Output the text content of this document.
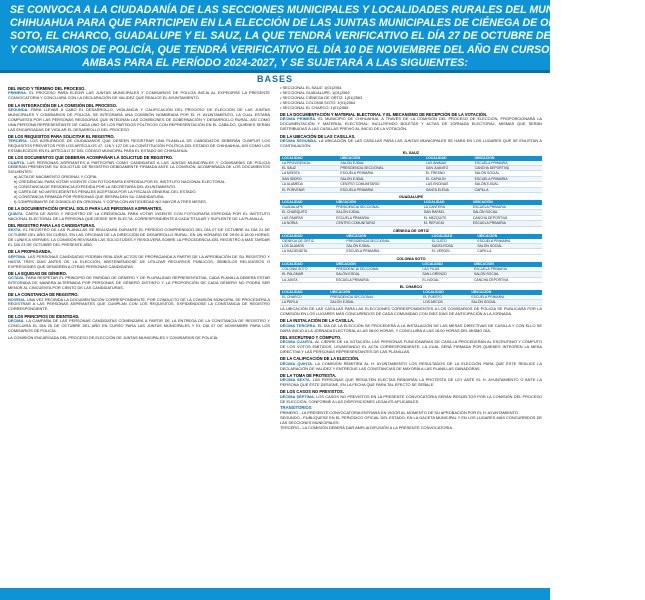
SE CONVOCA A LA CIUDADANÍA DE LAS SECCIONES MUNICIPALES Y LOCALIDADES RURALES DEL MUNICIPIO DE
CHIHUAHUA PARA QUE PARTICIPEN EN LA ELECCIÓN DE LAS JUNTAS MUNICIPALES DE CIÉNEGA DE ORTIZ, COLONIA
SOTO, EL CHARCO, GUADALUPE Y EL SAUZ, LA QUE TENDRÁ VERIFICATIVO EL DÍA 27 DE OCTUBRE DEL AÑO EN CURSO,
Y COMISARIOS DE POLICÍA, QUE TENDRÁ VERIFICATIVO EL DÍA 10 DE NOVIEMBRE DEL AÑO EN CURSO,
AMBAS PARA EL PERÍODO 2024-2027, Y SE SUJETARÁ A LAS SIGUIENTES:
BASES
DEL INICIO Y TÉRMINO DEL PROCESO.
PRIMERA. EL PROCESO PARA ELEGIR LAS JUNTAS MUNICIPALES Y COMISARIOS DE POLICÍA INICIA AL EXPEDIRSE LA PRESENTE CONVOCATORIA Y CONCLUIRÁ CON LA DECLARACIÓN DE VALIDEZ QUE REALICE EL AYUNTAMIENTO.
DE LA INTEGRACIÓN DE LA COMISIÓN DEL PROCESO.
SEGUNDA. PARA LLEVAR A CABO EL DESARROLLO, VIGILANCIA Y CALIFICACIÓN DEL PROCESO DE ELECCIÓN DE LAS JUNTAS MUNICIPALES Y COMISARIOS DE POLICÍA, SE INTEGRARÁ UNA COMISIÓN NOMBRADA POR EL H. AYUNTAMIENTO, LA CUAL ESTARÁ COMPUESTA POR LAS PERSONAS REGIDORAS QUE INTEGRAN LAS COMISIONES DE GOBERNACIÓN Y DESARROLLO RURAL, ASÍ COMO UNA PERSONA REPRESENTANTE DE CADA UNO DE LOS PARTIDOS POLÍTICOS CON REPRESENTACIÓN EN EL CABILDO, QUIENES SERÁN LAS ENCARGADAS DE VIGILAR EL DESARROLLO DEL PROCESO.
DE LOS REQUISITOS PARA SOLICITAR EL REGISTRO.
TERCERA. LOS AGRUPADOS DE CIUDADANOS QUE DESEEN REGISTRAR UNA PLANILLA DE CANDIDATOS DEBERÁN CUMPLIR LOS REQUISITOS PREVISTOS POR LOS ARTÍCULOS 47, 126 Y 127 DE LA CONSTITUCIÓN POLÍTICA DEL ESTADO DE CHIHUAHUA, ASÍ COMO LOS ESTABLECIDOS EN EL ARTÍCULO 37 DEL CÓDIGO MUNICIPAL PARA EL ESTADO DE CHIHUAHUA.
DE LOS DOCUMENTOS QUE DEBERÁN ACOMPAÑAR LA SOLICITUD DE REGISTRO.
CUARTA. LAS PERSONAS ASPIRANTES A PARTICIPAR COMO CANDIDATAS A LAS JUNTAS MUNICIPALES Y COMISARÍAS DE POLICÍA DEBERÁN PRESENTAR SU SOLICITUD DE REGISTRO DEBIDAMENTE FIRMADA ANTE LA COMISIÓN, ACOMPAÑADA DE LOS DOCUMENTOS SIGUIENTES:
a) ACTA DE NACIMIENTO ORIGINAL Y COPIA.
b) CREDENCIAL PARA VOTAR VIGENTE CON FOTOGRAFÍA EXPEDIDA POR EL INSTITUTO NACIONAL ELECTORAL.
c) CONSTANCIA DE RESIDENCIA EXPEDIDA POR LA SECRETARÍA DEL AYUNTAMIENTO.
d) CARTA DE NO ANTECEDENTES PENALES ACEPTADA POR LA FISCALÍA GENERAL DEL ESTADO.
e) CONSTANCIA FIRMADA POR PERSONAS QUE RESPALDEN SU CANDIDATURA.
f) COMPROBANTE DE DOMICILIO EN ORIGINAL Y COPIA CON ANTIGÜEDAD NO MAYOR A TRES MESES.
DE LA DOCUMENTACIÓN OFICIAL SOLO PARA LAS PERSONAS ASPIRANTES.
QUINTA. CARTA DE AVISO Y REGISTRO DE LA CREDENCIAL PARA VOTAR VIGENTE CON FOTOGRAFÍA EXPEDIDA POR EL INSTITUTO NACIONAL ELECTORAL DE LA PERSONA QUE DESEE SER ELECTA, CORRESPONDIENTE A CADA TITULAR Y SUPLENTE DE LA PLANILLA.
DEL REGISTRO PARA LAS CANDIDATURAS.
SEXTA. EL REGISTRO DE LAS PLANILLAS SE REALIZARÁ DURANTE EL PERÍODO COMPRENDIDO DEL DÍA 07 DE OCTUBRE AL DÍA 21 DE OCTUBRE DEL AÑO EN CURSO, EN LAS OFICINAS DE LA DIRECCIÓN DE DESARROLLO RURAL, EN UN HORARIO DE 09:00 A 15:00 HORAS, DE LUNES A VIERNES. LA COMISIÓN REVISARÁ LAS SOLICITUDES Y RESOLVERÁ SOBRE LA PROCEDENCIA DEL REGISTRO A MÁS TARDAR EL DÍA 23 DE OCTUBRE DEL PRESENTE AÑO.
DE LA PROPAGANDA.
SÉPTIMA. LAS PERSONAS CANDIDATAS PODRÁN REALIZAR ACTOS DE PROPAGANDA A PARTIR DE LA APROBACIÓN DE SU REGISTRO Y HASTA TRES DÍAS ANTES DE LA ELECCIÓN, ABSTENIÉNDOSE DE UTILIZAR RECURSOS PÚBLICOS, SÍMBOLOS RELIGIOSOS O EXPRESIONES QUE DENIGREN A OTRAS PERSONAS CANDIDATAS.
DE LA EQUIDAD DE GÉNERO.
OCTAVA. PARA RESPETAR EL PRINCIPIO DE PARIDAD DE GÉNERO Y DE PLURALIDAD REPRESENTATIVA, CADA PLANILLA DEBERÁ ESTAR INTEGRADA DE MANERA ALTERNADA POR PERSONAS DE GÉNERO DISTINTO Y LA PROPORCIÓN DE CADA GÉNERO NO PODRÁ SER MENOR AL CINCUENTA POR CIENTO DE LAS CANDIDATURAS.
DE LA CONSTANCIA DE REGISTRO.
NOVENA. UNA VEZ RECIBIDA LA DOCUMENTACIÓN CORRESPONDIENTE, POR CONDUCTO DE LA COMISIÓN MUNICIPAL SE PROCEDERÁ A REGISTRAR A LAS PERSONAS ASPIRANTES QUE CUMPLAN CON LOS REQUISITOS, EXPIDIÉNDOSE LA CONSTANCIA DE REGISTRO CORRESPONDIENTE.
DE LOS PRINCIPIOS DE IDENTIDAD.
DÉCIMA. LA CAMPAÑA DE LAS PERSONAS CANDIDATAS COMENZARÁ A PARTIR DE LA ENTREGA DE LA CONSTANCIA DE REGISTRO Y CONCLUIRÁ EL DÍA 25 DE OCTUBRE DEL AÑO EN CURSO PARA LAS JUNTAS MUNICIPALES Y EL DÍA 07 DE NOVIEMBRE PARA LOS COMISARIOS DE POLICÍA.
LA COMISIÓN ENCARGADA DEL PROCESO DE ELECCIÓN DE JUNTAS MUNICIPALES Y COMISARIOS DE POLICÍA.
• SECCIONAL EL SAUZ: 1(01)2561
• SECCIONAL GUADALUPE: 1(01)2562
• SECCIONAL CIÉNEGA DE ORTIZ: 1(01)2563
• SECCIONAL COLONIA SOTO: 1(01)2564
• SECCIONAL EL CHARCO: 1(01)2565
DE LA DOCUMENTACIÓN Y MATERIAL ELECTORAL Y EL MECANISMO DE RECEPCIÓN DE LA VOTACIÓN.
DÉCIMA PRIMERA. EL MUNICIPIO DE CHIHUAHUA, A TRAVÉS DE LA COMISIÓN DEL PROCESO DE ELECCIÓN, PROPORCIONARÁ LA DOCUMENTACIÓN Y MATERIAL ELECTORAL, INCLUYENDO BOLETAS Y ACTAS DE JORNADA ELECTORAL, MISMAS QUE SERÁN DISTRIBUIDAS A LAS CASILLAS PREVIO AL INICIO DE LA VOTACIÓN.
DE LA UBICACIÓN DE LAS CASILLAS.
DÉCIMA SEGUNDA. LA UBICACIÓN DE LAS CASILLAS PARA LAS JUNTAS MUNICIPALES SE HARÁ EN LOS LUGARES QUE SE ENLISTAN A CONTINUACIÓN:
EL SAUZ
LOCALIDAD	UBICACIÓN	LOCALIDAD	UBICACIÓN
LA PROVIDENCIA	SALÓN EJIDAL	LAS ÁNIMAS	ESCUELA PRIMARIA
EL SAUZ	PRESIDENCIA SECCIONAL	SAN JUANITO	CANCHA DEPORTIVA
LA MORITA	ESCUELA PRIMARIA	EL FRESNO	SALÓN SOCIAL
SAN ISIDRO	SALÓN EJIDAL	EL CAPULÍN	ESCUELA PRIMARIA
LA ALAMEDA	CENTRO COMUNITARIO	LAS ENCINAS	SALÓN EJIDAL
EL PORVENIR	ESCUELA PRIMARIA	SANTA ELENA	CAPILLA
GUADALUPE
LOCALIDAD	UBICACIÓN	LOCALIDAD	UBICACIÓN
GUADALUPE	PRESIDENCIA SECCIONAL	LA CANTERA	ESCUELA PRIMARIA
EL CHARQUITO	SALÓN EJIDAL	SAN RAFAEL	SALÓN SOCIAL
LAS PAMPAS	ESCUELA PRIMARIA	EL MEZQUITE	CANCHA DEPORTIVA
LA NORIA	CENTRO COMUNITARIO	EL REFUGIO	ESCUELA PRIMARIA
CIÉNEGA DE ORTIZ
LOCALIDAD	UBICACIÓN	LOCALIDAD	UBICACIÓN
CIÉNEGA DE ORTIZ	PRESIDENCIA SECCIONAL	EL OJITO	ESCUELA PRIMARIA
LOS ÁLAMOS	SALÓN EJIDAL	SANTA ROSA	SALÓN SOCIAL
LA HACIENDITA	ESCUELA PRIMARIA	EL VERGEL	CAPILLA
COLONIA SOTO
LOCALIDAD	UBICACIÓN	LOCALIDAD	UBICACIÓN
COLONIA SOTO	PRESIDENCIA SECCIONAL	LAS PILAS	ESCUELA PRIMARIA
EL PALOMAR	SALÓN EJIDAL	SAN LORENZO	SALÓN SOCIAL
LA JUNTA	ESCUELA PRIMARIA	EL NOGAL	CANCHA DEPORTIVA
EL CHARCO
LOCALIDAD	UBICACIÓN	LOCALIDAD	UBICACIÓN
EL CHARCO	PRESIDENCIA SECCIONAL	EL PUERTO	ESCUELA PRIMARIA
LA PERLA	SALÓN EJIDAL	LOS ARCOS	SALÓN SOCIAL
LA UBICACIÓN DE LAS CASILLAS PARA LAS ELECCIONES CORRESPONDIENTES A LOS COMISARIOS DE POLICÍA SE PUBLICARÁ POR LA COMISIÓN EN LOS LUGARES MÁS CONCURRIDOS DE CADA COMUNIDAD CON DIEZ DÍAS DE ANTICIPACIÓN A LA JORNADA.
DE LA INSTALACIÓN DE LA CASILLA.
DÉCIMA TERCERA. EL DÍA DE LA ELECCIÓN SE PROCEDERÁ A LA INSTALACIÓN DE LAS MESAS DIRECTIVAS DE CASILLA Y CON ELLO SE DARÁ INICIO A LA JORNADA ELECTORAL A LAS 08:00 HORAS, Y CONCLUIRÁ A LAS 16:00 HORAS DEL MISMO DÍA.
DEL ESCRUTINIO Y CÓMPUTO.
DÉCIMA CUARTA. AL CIERRE DE LA VOTACIÓN, LAS PERSONAS FUNCIONARIAS DE CASILLA PROCEDERÁN AL ESCRUTINIO Y CÓMPUTO DE LOS VOTOS EMITIDOS, LEVANTANDO EL ACTA CORRESPONDIENTE, LA CUAL SERÁ FIRMADA POR QUIENES INTEGREN LA MESA DIRECTIVA Y LAS PERSONAS REPRESENTANTES DE LAS PLANILLAS.
DE LA CALIFICACIÓN DE LA ELECCIÓN.
DÉCIMA QUINTA. LA COMISIÓN REMITIRÁ AL H. AYUNTAMIENTO LOS RESULTADOS DE LA ELECCIÓN PARA QUE ÉSTE REALICE LA DECLARACIÓN DE VALIDEZ Y ENTREGUE LAS CONSTANCIAS DE MAYORÍA A LAS PLANILLAS GANADORAS.
DE LA TOMA DE PROTESTA.
DÉCIMA SEXTA. LAS PERSONAS QUE RESULTEN ELECTAS RENDIRÁN LA PROTESTA DE LEY ANTE EL H. AYUNTAMIENTO O ANTE LA PERSONA QUE ÉSTE DESIGNE, EN LA FECHA QUE PARA TAL EFECTO SE SEÑALE.
DE LOS CASOS NO PREVISTOS.
DÉCIMA SÉPTIMA. LOS CASOS NO PREVISTOS EN LA PRESENTE CONVOCATORIA SERÁN RESUELTOS POR LA COMISIÓN DEL PROCESO DE ELECCIÓN, CONFORME A LAS DISPOSICIONES LEGALES APLICABLES.
TRANSITORIOS
PRIMERO.- LA PRESENTE CONVOCATORIA ENTRARÁ EN VIGOR AL MOMENTO DE SU APROBACIÓN POR EL H. AYUNTAMIENTO.
SEGUNDO.- PUBLÍQUESE EN EL PERIÓDICO OFICIAL DEL ESTADO, EN LA GACETA MUNICIPAL Y EN LOS LUGARES MÁS CONCURRIDOS DE LAS SECCIONES MUNICIPALES.
TERCERO.- LA COMISIÓN DEBERÁ DAR AMPLIA DIFUSIÓN A LA PRESENTE CONVOCATORIA.
